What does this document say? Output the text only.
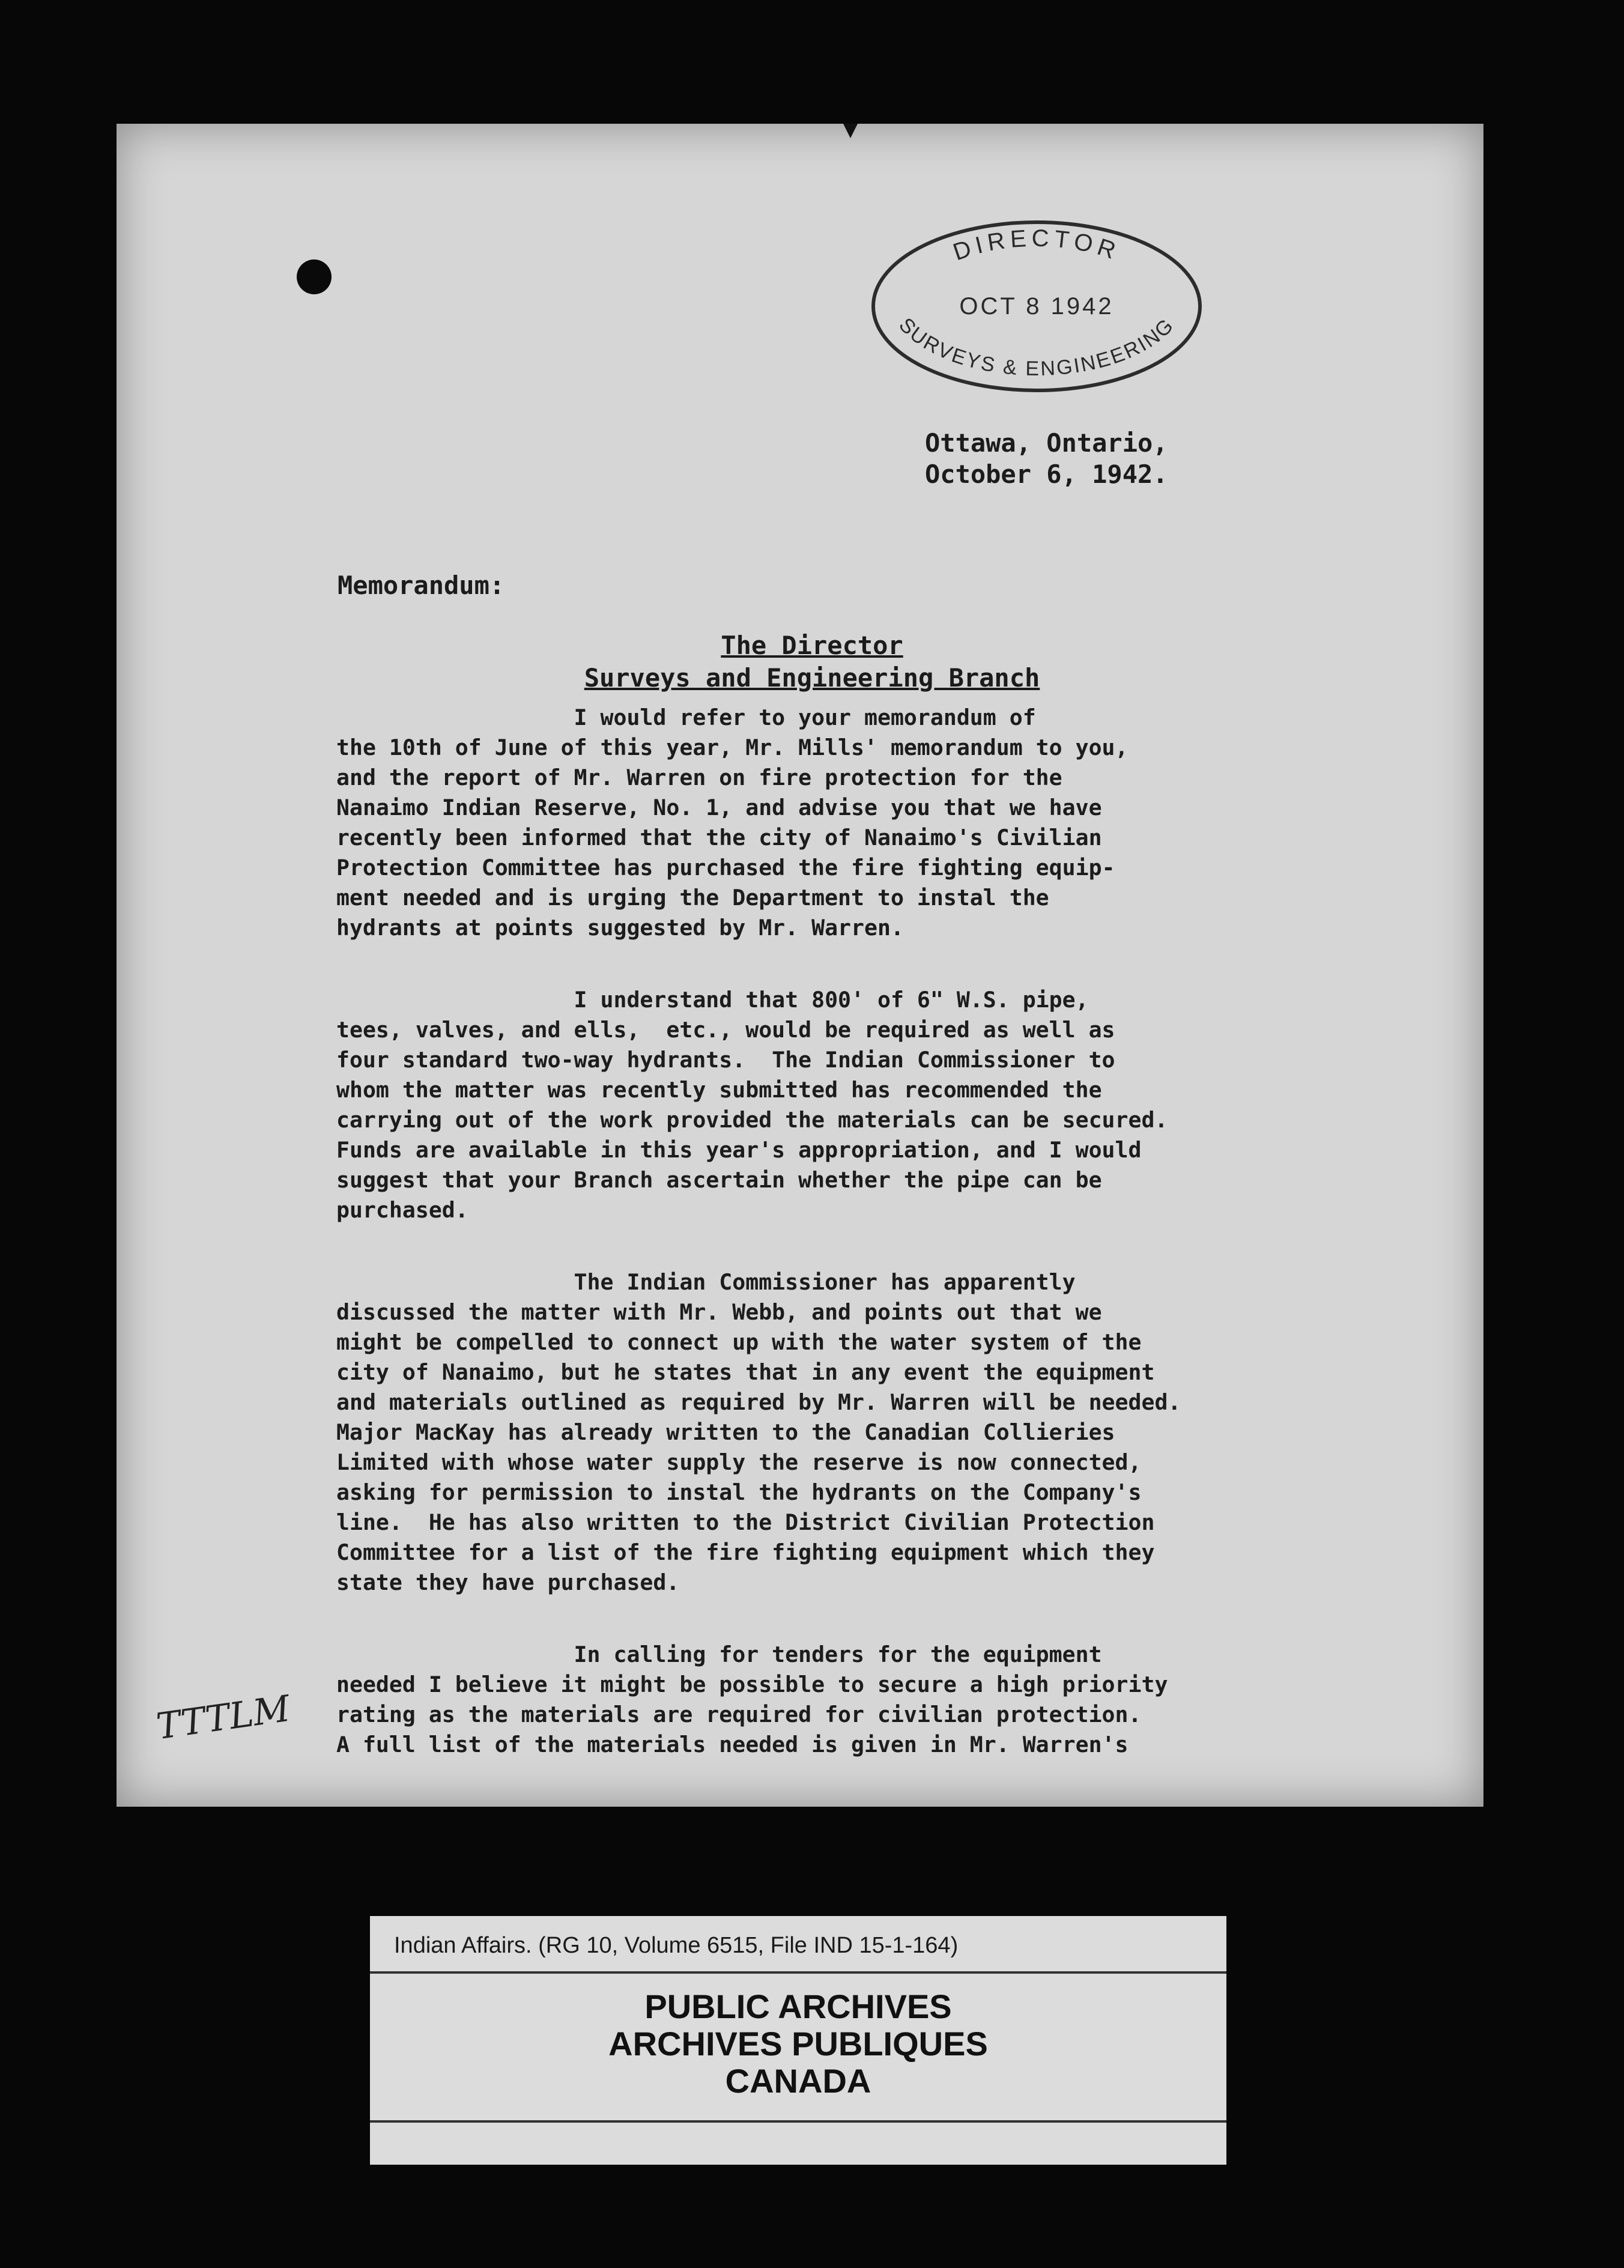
DIRECTOR
SURVEYS & ENGINEERING
OCT 8 1942
Ottawa, Ontario,
October 6, 1942.
Memorandum:
The Director
Surveys and Engineering Branch

I would refer to your memorandum of

the 10th of June of this year, Mr. Mills' memorandum to you,

and the report of Mr. Warren on fire protection for the

Nanaimo Indian Reserve, No. 1, and advise you that we have

recently been informed that the city of Nanaimo's Civilian

Protection Committee has purchased the fire fighting equip-

ment needed and is urging the Department to instal the

hydrants at points suggested by Mr. Warren.

I understand that 800' of 6" W.S. pipe,

tees, valves, and ells,  etc., would be required as well as

four standard two-way hydrants.  The Indian Commissioner to

whom the matter was recently submitted has recommended the

carrying out of the work provided the materials can be secured.

Funds are available in this year's appropriation, and I would

suggest that your Branch ascertain whether the pipe can be

purchased.

The Indian Commissioner has apparently

discussed the matter with Mr. Webb, and points out that we

might be compelled to connect up with the water system of the

city of Nanaimo, but he states that in any event the equipment

and materials outlined as required by Mr. Warren will be needed.

Major MacKay has already written to the Canadian Collieries

Limited with whose water supply the reserve is now connected,

asking for permission to instal the hydrants on the Company's

line.  He has also written to the District Civilian Protection

Committee for a list of the fire fighting equipment which they

state they have purchased.

In calling for tenders for the equipment

needed I believe it might be possible to secure a high priority

rating as the materials are required for civilian protection.

A full list of the materials needed is given in Mr. Warren's

TTTLM
Indian Affairs. (RG 10, Volume 6515, File IND 15-1-164)
PUBLIC ARCHIVES
ARCHIVES PUBLIQUES
CANADA
